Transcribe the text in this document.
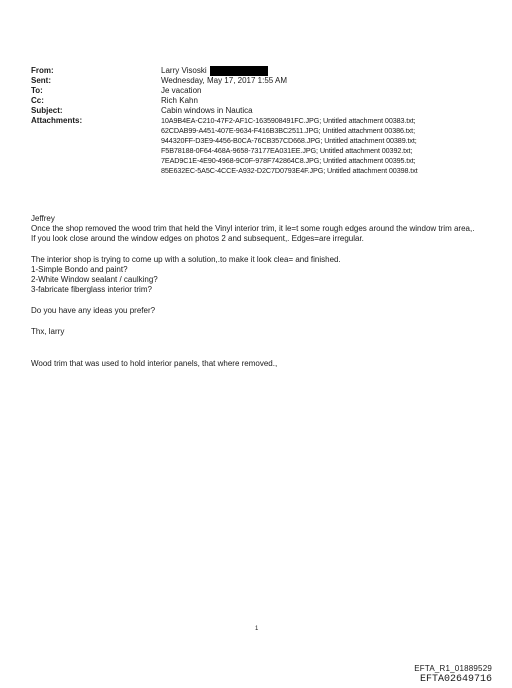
From:	Larry Visoski
Sent:	Wednesday, May 17, 2017 1:55 AM
To:	Je vacation
Cc:	Rich Kahn
Subject:	Cabin windows in Nautica
Attachments:	10A9B4EA-C210-47F2-AF1C-1635908491FC.JPG; Untitled attachment 00383.txt;
62CDAB99-A451-407E-9634-F416B3BC2511.JPG; Untitled attachment 00386.txt;
944320FF-D3E9-4456-B0CA-76CB357CD668.JPG; Untitled attachment 00389.txt;
F5B78188-0F64-468A-9658-73177EA031EE.JPG; Untitled attachment 00392.txt;
7EAD9C1E-4E90-4968-9C0F-978F742864C8.JPG; Untitled attachment 00395.txt;
85E632EC-5A5C-4CCE-A932-D2C7D0793E4F.JPG; Untitled attachment 00398.txt

Jeffrey

Once the shop removed the wood trim that held the Vinyl interior trim, it le=t some rough edges around the window trim area,.

If you look close around the window edges on photos 2 and subsequent,. Edges=are irregular.

The interior shop is trying to come up with a solution,.to make it look clea= and finished.

1-Simple Bondo and paint?

2-White Window sealant / caulking?

3-fabricate fiberglass interior trim?

Do you have any ideas you prefer?

Thx, larry

Wood trim that was used to hold interior panels, that where removed.,

1
EFTA_R1_01889529
EFTA02649716
